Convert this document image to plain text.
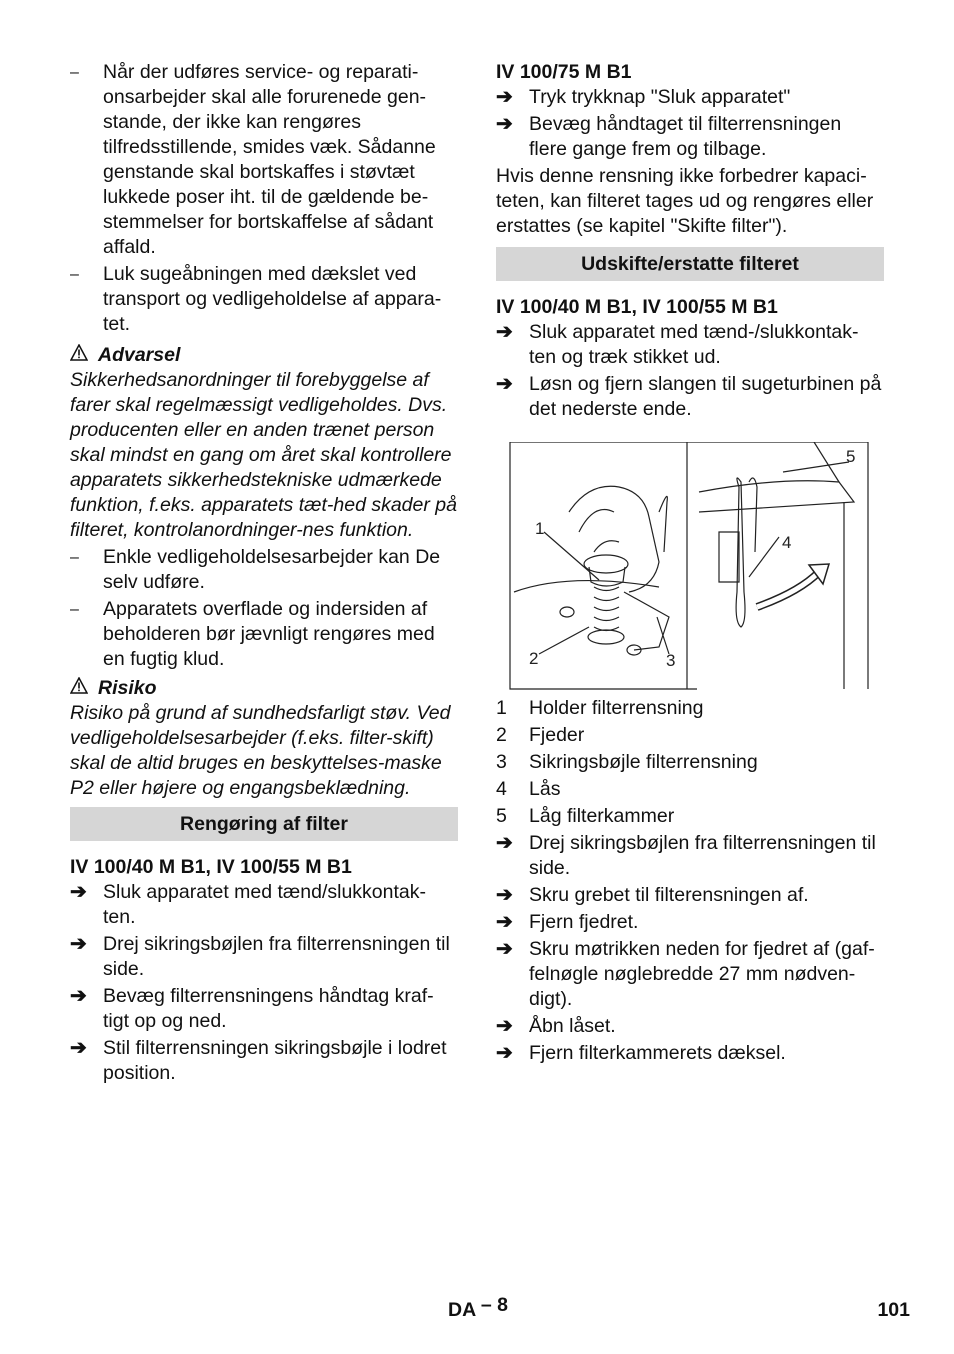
–	Når der udføres service- og reparati-onsarbejder skal alle forurenede gen-stande, der ikke kan rengøres tilfredsstillende, smides væk. Sådanne genstande skal bortskaffes i støvtæt lukkede poser iht. til de gældende be-stemmelser for bortskaffelse af sådant affald.
–	Luk sugeåbningen med dækslet ved transport og vedligeholdelse af appara-tet.
Advarsel

Sikkerhedsanordninger til forebyggelse af farer skal regelmæssigt vedligeholdes. Dvs. producenten eller en anden trænet person skal mindst en gang om året skal kontrollere apparatets sikkerhedstekniske udmærkede funktion, f.eks. apparatets tæt-hed skader på filteret, kontrolanordninger-nes funktion.

–	Enkle vedligeholdelsesarbejder kan De selv udføre.
–	Apparatets overflade og indersiden af beholderen bør jævnligt rengøres med en fugtig klud.
Risiko

Risiko på grund af sundhedsfarligt støv. Ved vedligeholdelsesarbejder (f.eks. filter-skift) skal de altid bruges en beskyttelses-maske P2 eller højere og engangsbeklædning.

Rengøring af filter

IV 100/40 M B1, IV 100/55 M B1

➔ Sluk apparatet med tænd/slukkontak-ten.
➔ Drej sikringsbøjlen fra filterrensningen til side.
➔ Bevæg filterrensningens håndtag kraf-tigt op og ned.
➔ Stil filterrensningen sikringsbøjle i lodret position.

IV 100/75 M B1

➔ Tryk trykknap "Sluk apparatet"
➔ Bevæg håndtaget til filterrensningen flere gange frem og tilbage.

Hvis denne rensning ikke forbedrer kapaci-teten, kan filteret tages ud og rengøres eller erstattes (se kapitel "Skifte filter").

Udskifte/erstatte filteret

IV 100/40 M B1, IV 100/55 M B1

➔ Sluk apparatet med tænd-/slukkontak-ten og træk stikket ud.
➔ Løsn og fjern slangen til sugeturbinen på det nederste ende.
1
2	3
4
5
1	Holder filterrensning
2	Fjeder
3	Sikringsbøjle filterrensning
4	Lås
5	Låg filterkammer
➔ Drej sikringsbøjlen fra filterrensningen til side.
➔ Skru grebet til filterensningen af.
➔ Fjern fjedret.
➔ Skru møtrikken neden for fjedret af (gaf-felnøgle nøglebredde 27 mm nødven-digt).
➔ Åbn låset.
➔ Fjern filterkammerets dæksel.
DA – 8	101
